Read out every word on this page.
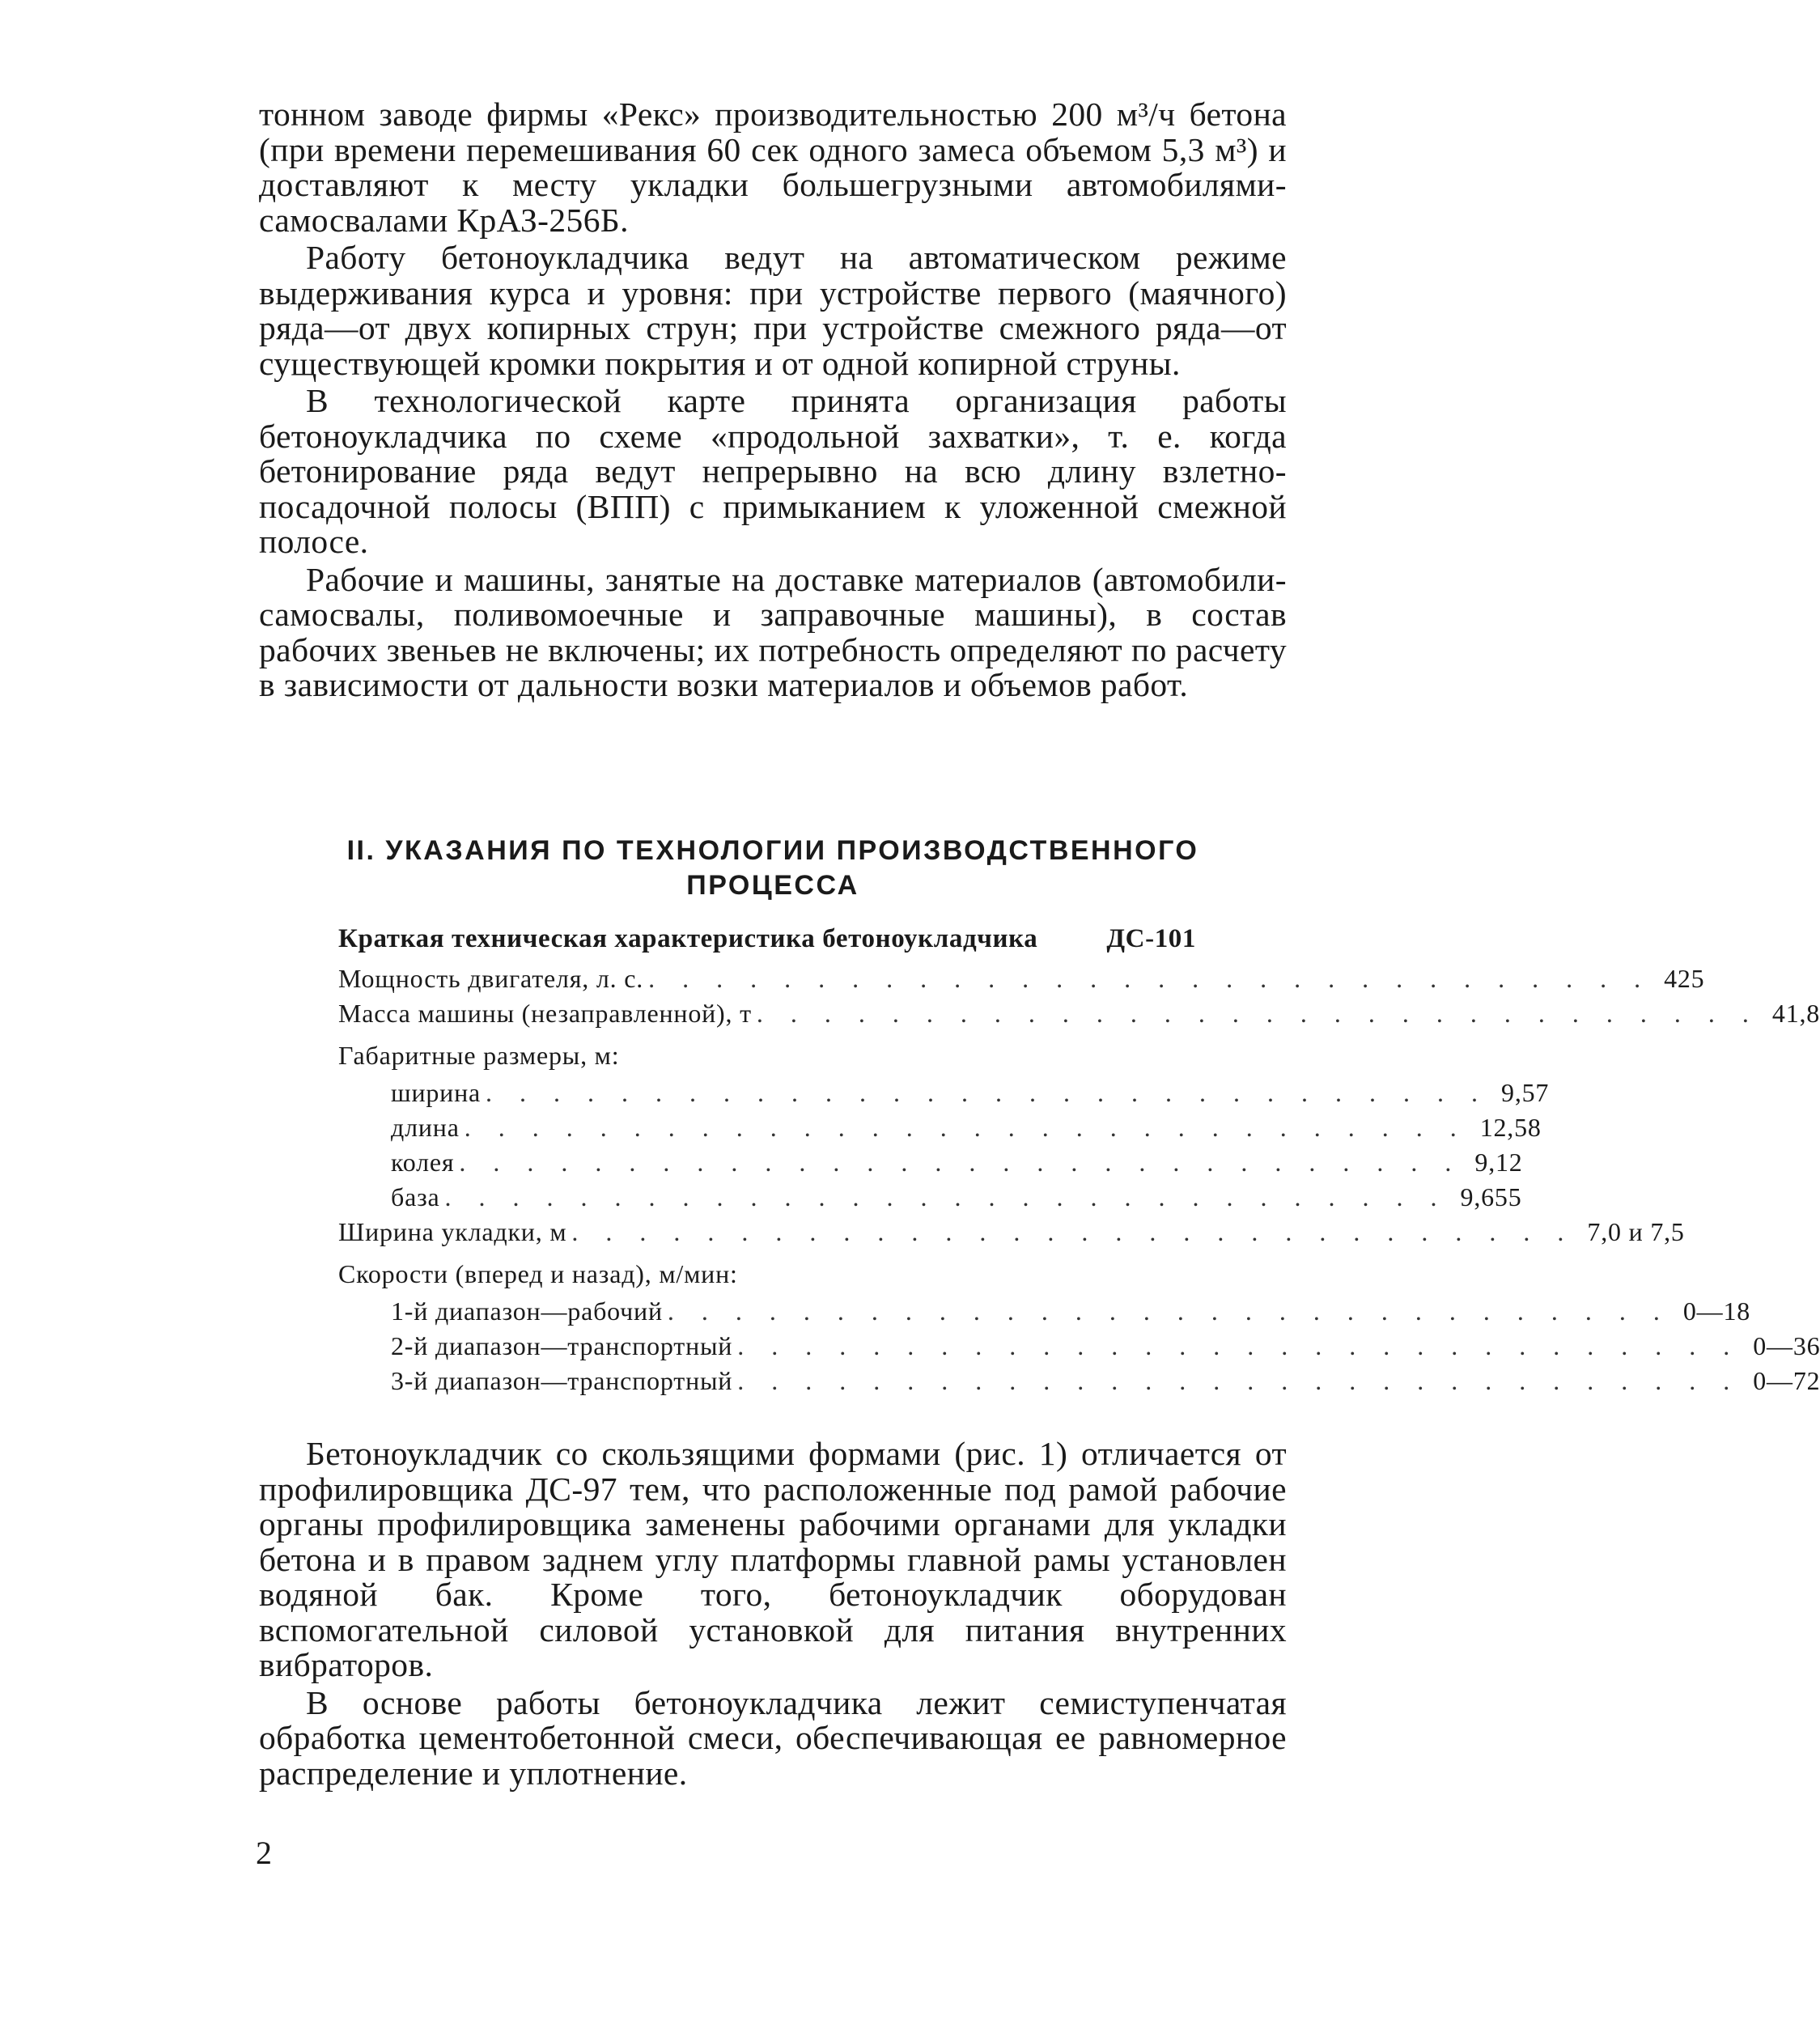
тонном заводе фирмы «Рекс» производительностью 200 м³/ч бетона (при времени перемешивания 60 сек одного замеса объемом 5,3 м³) и доставляют к месту укладки большегрузными автомобилями-самосвалами КрАЗ-256Б.

Работу бетоноукладчика ведут на автоматическом режиме выдерживания курса и уровня: при устройстве первого (маячного) ряда—от двух копирных струн; при устройстве смежного ряда—от существующей кромки покрытия и от одной копирной струны.

В технологической карте принята организация работы бетоноукладчика по схеме «продольной захватки», т. е. когда бетонирование ряда ведут непрерывно на всю длину взлетно-посадочной полосы (ВПП) с примыканием к уложенной смежной полосе.

Рабочие и машины, занятые на доставке материалов (автомобили-самосвалы, поливомоечные и заправочные машины), в состав рабочих звеньев не включены; их потребность определяют по расчету в зависимости от дальности возки материалов и объемов работ.

II. УКАЗАНИЯ ПО ТЕХНОЛОГИИ ПРОИЗВОДСТВЕННОГО ПРОЦЕССА
Краткая техническая характеристика бетоноукладчика	ДС-101
Мощность двигателя, л. с. . . . . . . . . . . . . . . . . . . . . . . . . . . . . . . 425
Масса машины (незаправленной), т . . . . . . . . . . . . . . . . . . . . . . . . . . . . . . 41,8
Габаритные размеры, м:
ширина . . . . . . . . . . . . . . . . . . . . . . . . . . . . . . 9,57
длина . . . . . . . . . . . . . . . . . . . . . . . . . . . . . . 12,58
колея . . . . . . . . . . . . . . . . . . . . . . . . . . . . . . 9,12
база . . . . . . . . . . . . . . . . . . . . . . . . . . . . . . 9,655
Ширина укладки, м . . . . . . . . . . . . . . . . . . . . . . . . . . . . . . 7,0 и 7,5
Скорости (вперед и назад), м/мин:
1-й диапазон—рабочий . . . . . . . . . . . . . . . . . . . . . . . . . . . . . . 0—18
2-й диапазон—транспортный . . . . . . . . . . . . . . . . . . . . . . . . . . . . . . 0—36
3-й диапазон—транспортный . . . . . . . . . . . . . . . . . . . . . . . . . . . . . . 0—72

Бетоноукладчик со скользящими формами (рис. 1) отличается от профилировщика ДС-97 тем, что расположенные под рамой рабочие органы профилировщика заменены рабочими органами для укладки бетона и в правом заднем углу платформы главной рамы установлен водяной бак. Кроме того, бетоноукладчик оборудован вспомогательной силовой установкой для питания внутренних вибраторов.

В основе работы бетоноукладчика лежит семиступенчатая обработка цементобетонной смеси, обеспечивающая ее равномерное распределение и уплотнение.

2
